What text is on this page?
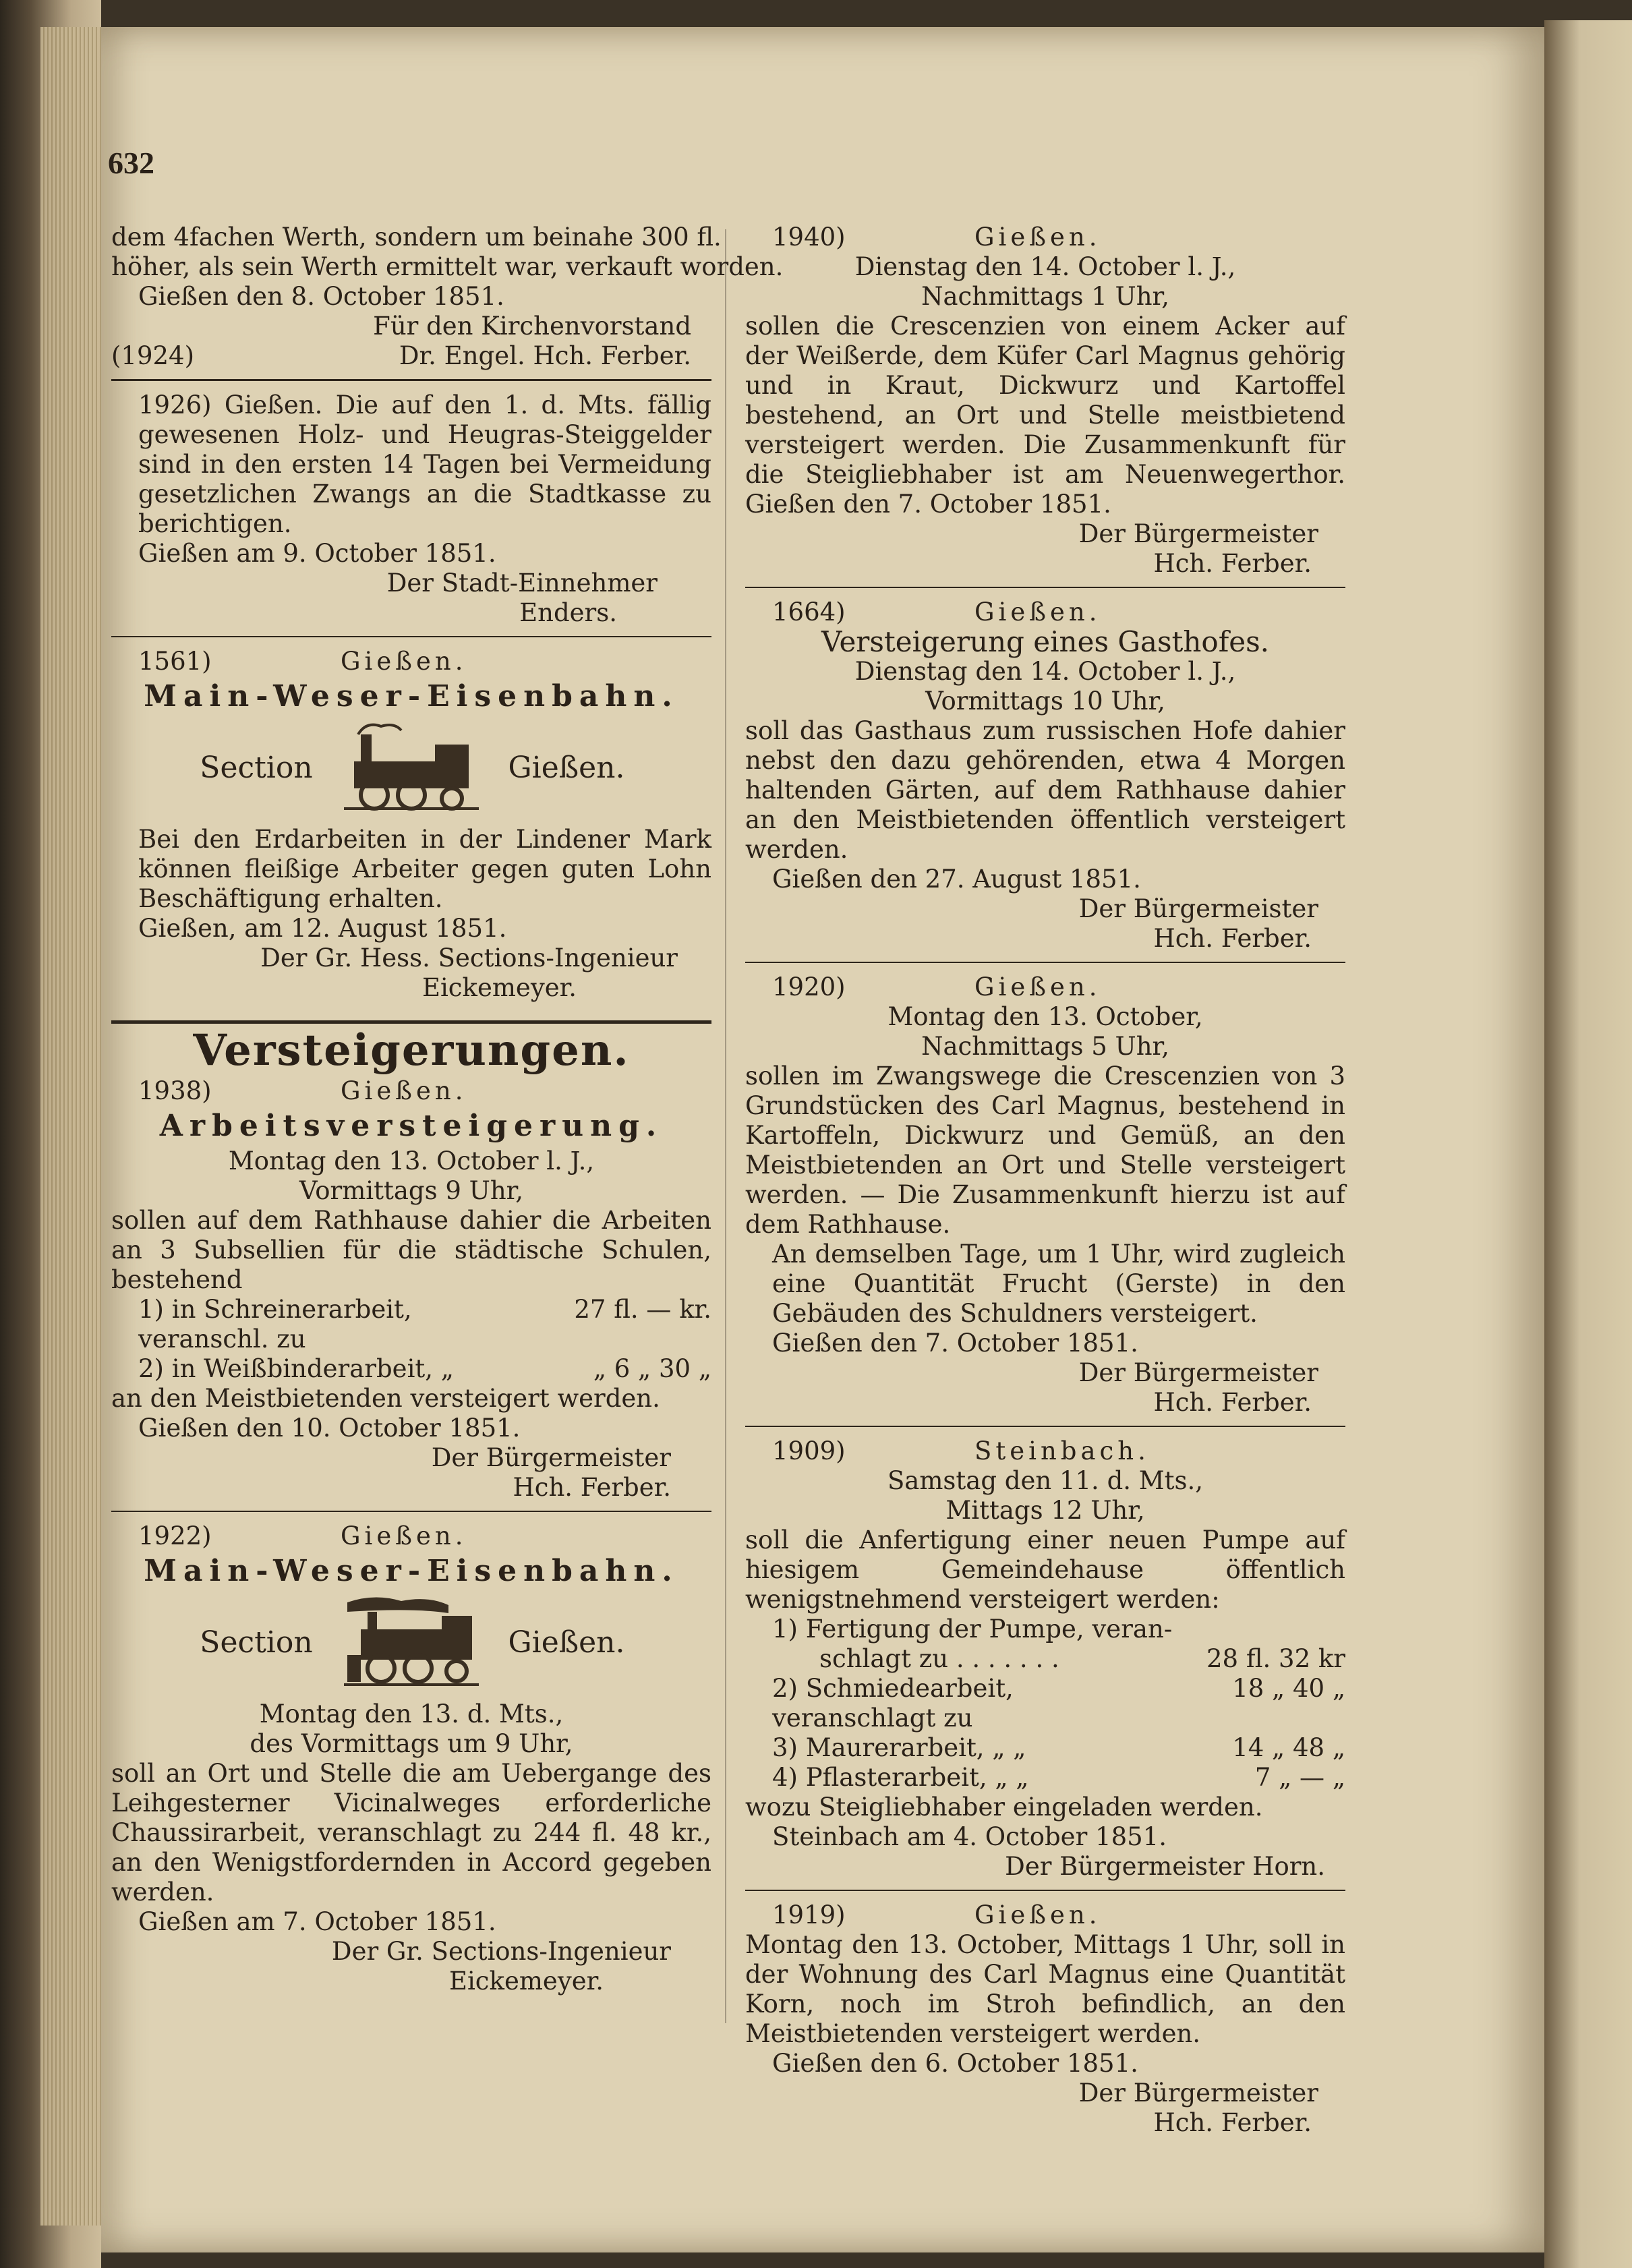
632
dem 4fachen Werth, sondern um beinahe 300 fl.
höher, als sein Werth ermittelt war, verkauft worden.
Gießen den 8. October 1851.
Für den Kirchenvorstand
(1924)	Dr. Engel. Hch. Ferber.
1926) Gießen. Die auf den 1. d. Mts. fällig gewesenen Holz- und Heugras-Steiggelder sind in den ersten 14 Tagen bei Vermeidung gesetzlichen Zwangs an die Stadtkasse zu berichtigen.
Gießen am 9. October 1851.
Der Stadt-Einnehmer
Enders.
1561)	Gießen.
Main-Weser-Eisenbahn.
Section	Gießen.
Bei den Erdarbeiten in der Lindener Mark können fleißige Arbeiter gegen guten Lohn Beschäftigung erhalten.
Gießen, am 12. August 1851.
Der Gr. Hess. Sections-Ingenieur
Eickemeyer.
Versteigerungen.
1938)	Gießen.
Arbeitsversteigerung.
Montag den 13. October l. J.,
Vormittags 9 Uhr,
sollen auf dem Rathhause dahier die Arbeiten an 3 Subsellien für die städtische Schulen, bestehend
1) in Schreinerarbeit, veranschl. zu
27 fl. — kr.
2) in Weißbinderarbeit, „	„ 6 „ 30 „
an den Meistbietenden versteigert werden.
Gießen den 10. October 1851.
Der Bürgermeister
Hch. Ferber.
1922)	Gießen.
Main-Weser-Eisenbahn.
Section	Gießen.
Montag den 13. d. Mts.,
des Vormittags um 9 Uhr,
soll an Ort und Stelle die am Uebergange des Leihgesterner Vicinalweges erforderliche Chaussirarbeit, veranschlagt zu 244 fl. 48 kr., an den Wenigstfordernden in Accord gegeben werden.
Gießen am 7. October 1851.
Der Gr. Sections-Ingenieur
Eickemeyer.
1940)	Gießen.
Dienstag den 14. October l. J.,
Nachmittags 1 Uhr,
sollen die Crescenzien von einem Acker auf der Weißerde, dem Küfer Carl Magnus gehörig und in Kraut, Dickwurz und Kartoffel bestehend, an Ort und Stelle meistbietend versteigert werden. Die Zusammenkunft für die Steigliebhaber ist am Neuenwegerthor. Gießen den 7. October 1851.
Der Bürgermeister
Hch. Ferber.
1664)	Gießen.
Versteigerung eines Gasthofes.
Dienstag den 14. October l. J.,
Vormittags 10 Uhr,
soll das Gasthaus zum russischen Hofe dahier nebst den dazu gehörenden, etwa 4 Morgen haltenden Gärten, auf dem Rathhause dahier an den Meistbietenden öffentlich versteigert werden.
Gießen den 27. August 1851.
Der Bürgermeister
Hch. Ferber.
1920)	Gießen.
Montag den 13. October,
Nachmittags 5 Uhr,
sollen im Zwangswege die Crescenzien von 3 Grundstücken des Carl Magnus, bestehend in Kartoffeln, Dickwurz und Gemüß, an den Meistbietenden an Ort und Stelle versteigert werden. — Die Zusammenkunft hierzu ist auf dem Rathhause.
An demselben Tage, um 1 Uhr, wird zugleich eine Quantität Frucht (Gerste) in den Gebäuden des Schuldners versteigert.
Gießen den 7. October 1851.
Der Bürgermeister
Hch. Ferber.
1909)	Steinbach.
Samstag den 11. d. Mts.,
Mittags 12 Uhr,
soll die Anfertigung einer neuen Pumpe auf hiesigem Gemeindehause öffentlich wenigstnehmend versteigert werden:
1) Fertigung der Pumpe, veran-
schlagt zu . . . . . . .	28 fl. 32 kr
2) Schmiedearbeit, veranschlagt zu
18 „ 40 „
3) Maurerarbeit, „ „	14 „ 48 „
4) Pflasterarbeit, „ „	7 „ — „
wozu Steigliebhaber eingeladen werden.
Steinbach am 4. October 1851.
Der Bürgermeister Horn.
1919)	Gießen.
Montag den 13. October, Mittags 1 Uhr, soll in der Wohnung des Carl Magnus eine Quantität Korn, noch im Stroh befindlich, an den Meistbietenden versteigert werden.
Gießen den 6. October 1851.
Der Bürgermeister
Hch. Ferber.
